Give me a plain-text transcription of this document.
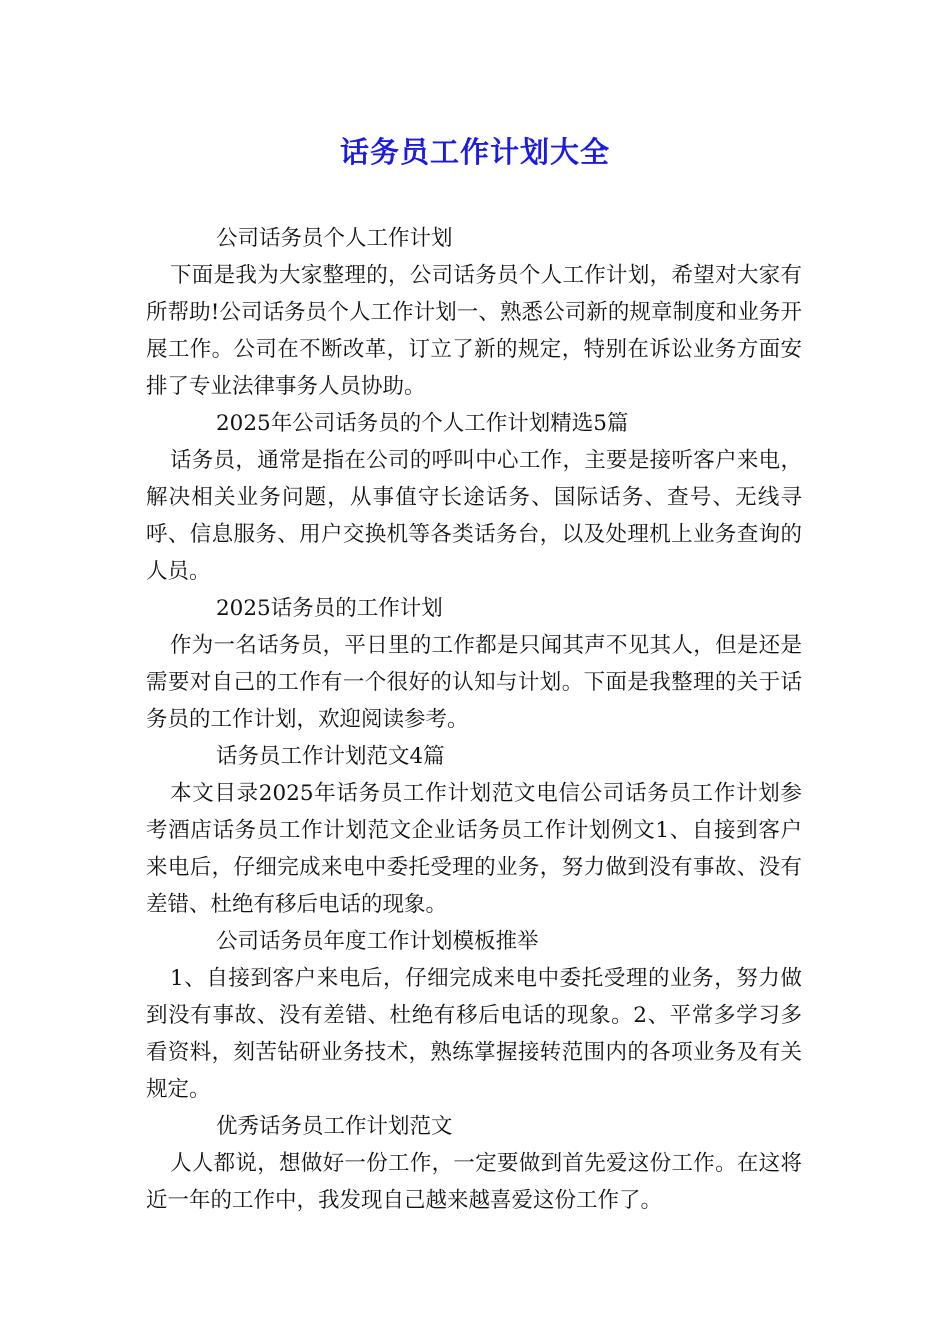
话务员工作计划大全

公司话务员个人工作计划

下面是我为大家整理的，公司话务员个人工作计划，希望对大家有所帮助!公司话务员个人工作计划一、熟悉公司新的规章制度和业务开展工作。公司在不断改革，订立了新的规定，特别在诉讼业务方面安排了专业法律事务人员协助。

2025年公司话务员的个人工作计划精选5篇

话务员，通常是指在公司的呼叫中心工作，主要是接听客户来电，解决相关业务问题，从事值守长途话务、国际话务、查号、无线寻呼、信息服务、用户交换机等各类话务台，以及处理机上业务查询的人员。

2025话务员的工作计划

作为一名话务员，平日里的工作都是只闻其声不见其人，但是还是需要对自己的工作有一个很好的认知与计划。下面是我整理的关于话务员的工作计划，欢迎阅读参考。

话务员工作计划范文4篇

本文目录2025年话务员工作计划范文电信公司话务员工作计划参考酒店话务员工作计划范文企业话务员工作计划例文1、自接到客户来电后，仔细完成来电中委托受理的业务，努力做到没有事故、没有差错、杜绝有移后电话的现象。

公司话务员年度工作计划模板推举

1、自接到客户来电后，仔细完成来电中委托受理的业务，努力做到没有事故、没有差错、杜绝有移后电话的现象。2、平常多学习多看资料，刻苦钻研业务技术，熟练掌握接转范围内的各项业务及有关规定。

优秀话务员工作计划范文

人人都说，想做好一份工作，一定要做到首先爱这份工作。在这将近一年的工作中，我发现自己越来越喜爱这份工作了。
